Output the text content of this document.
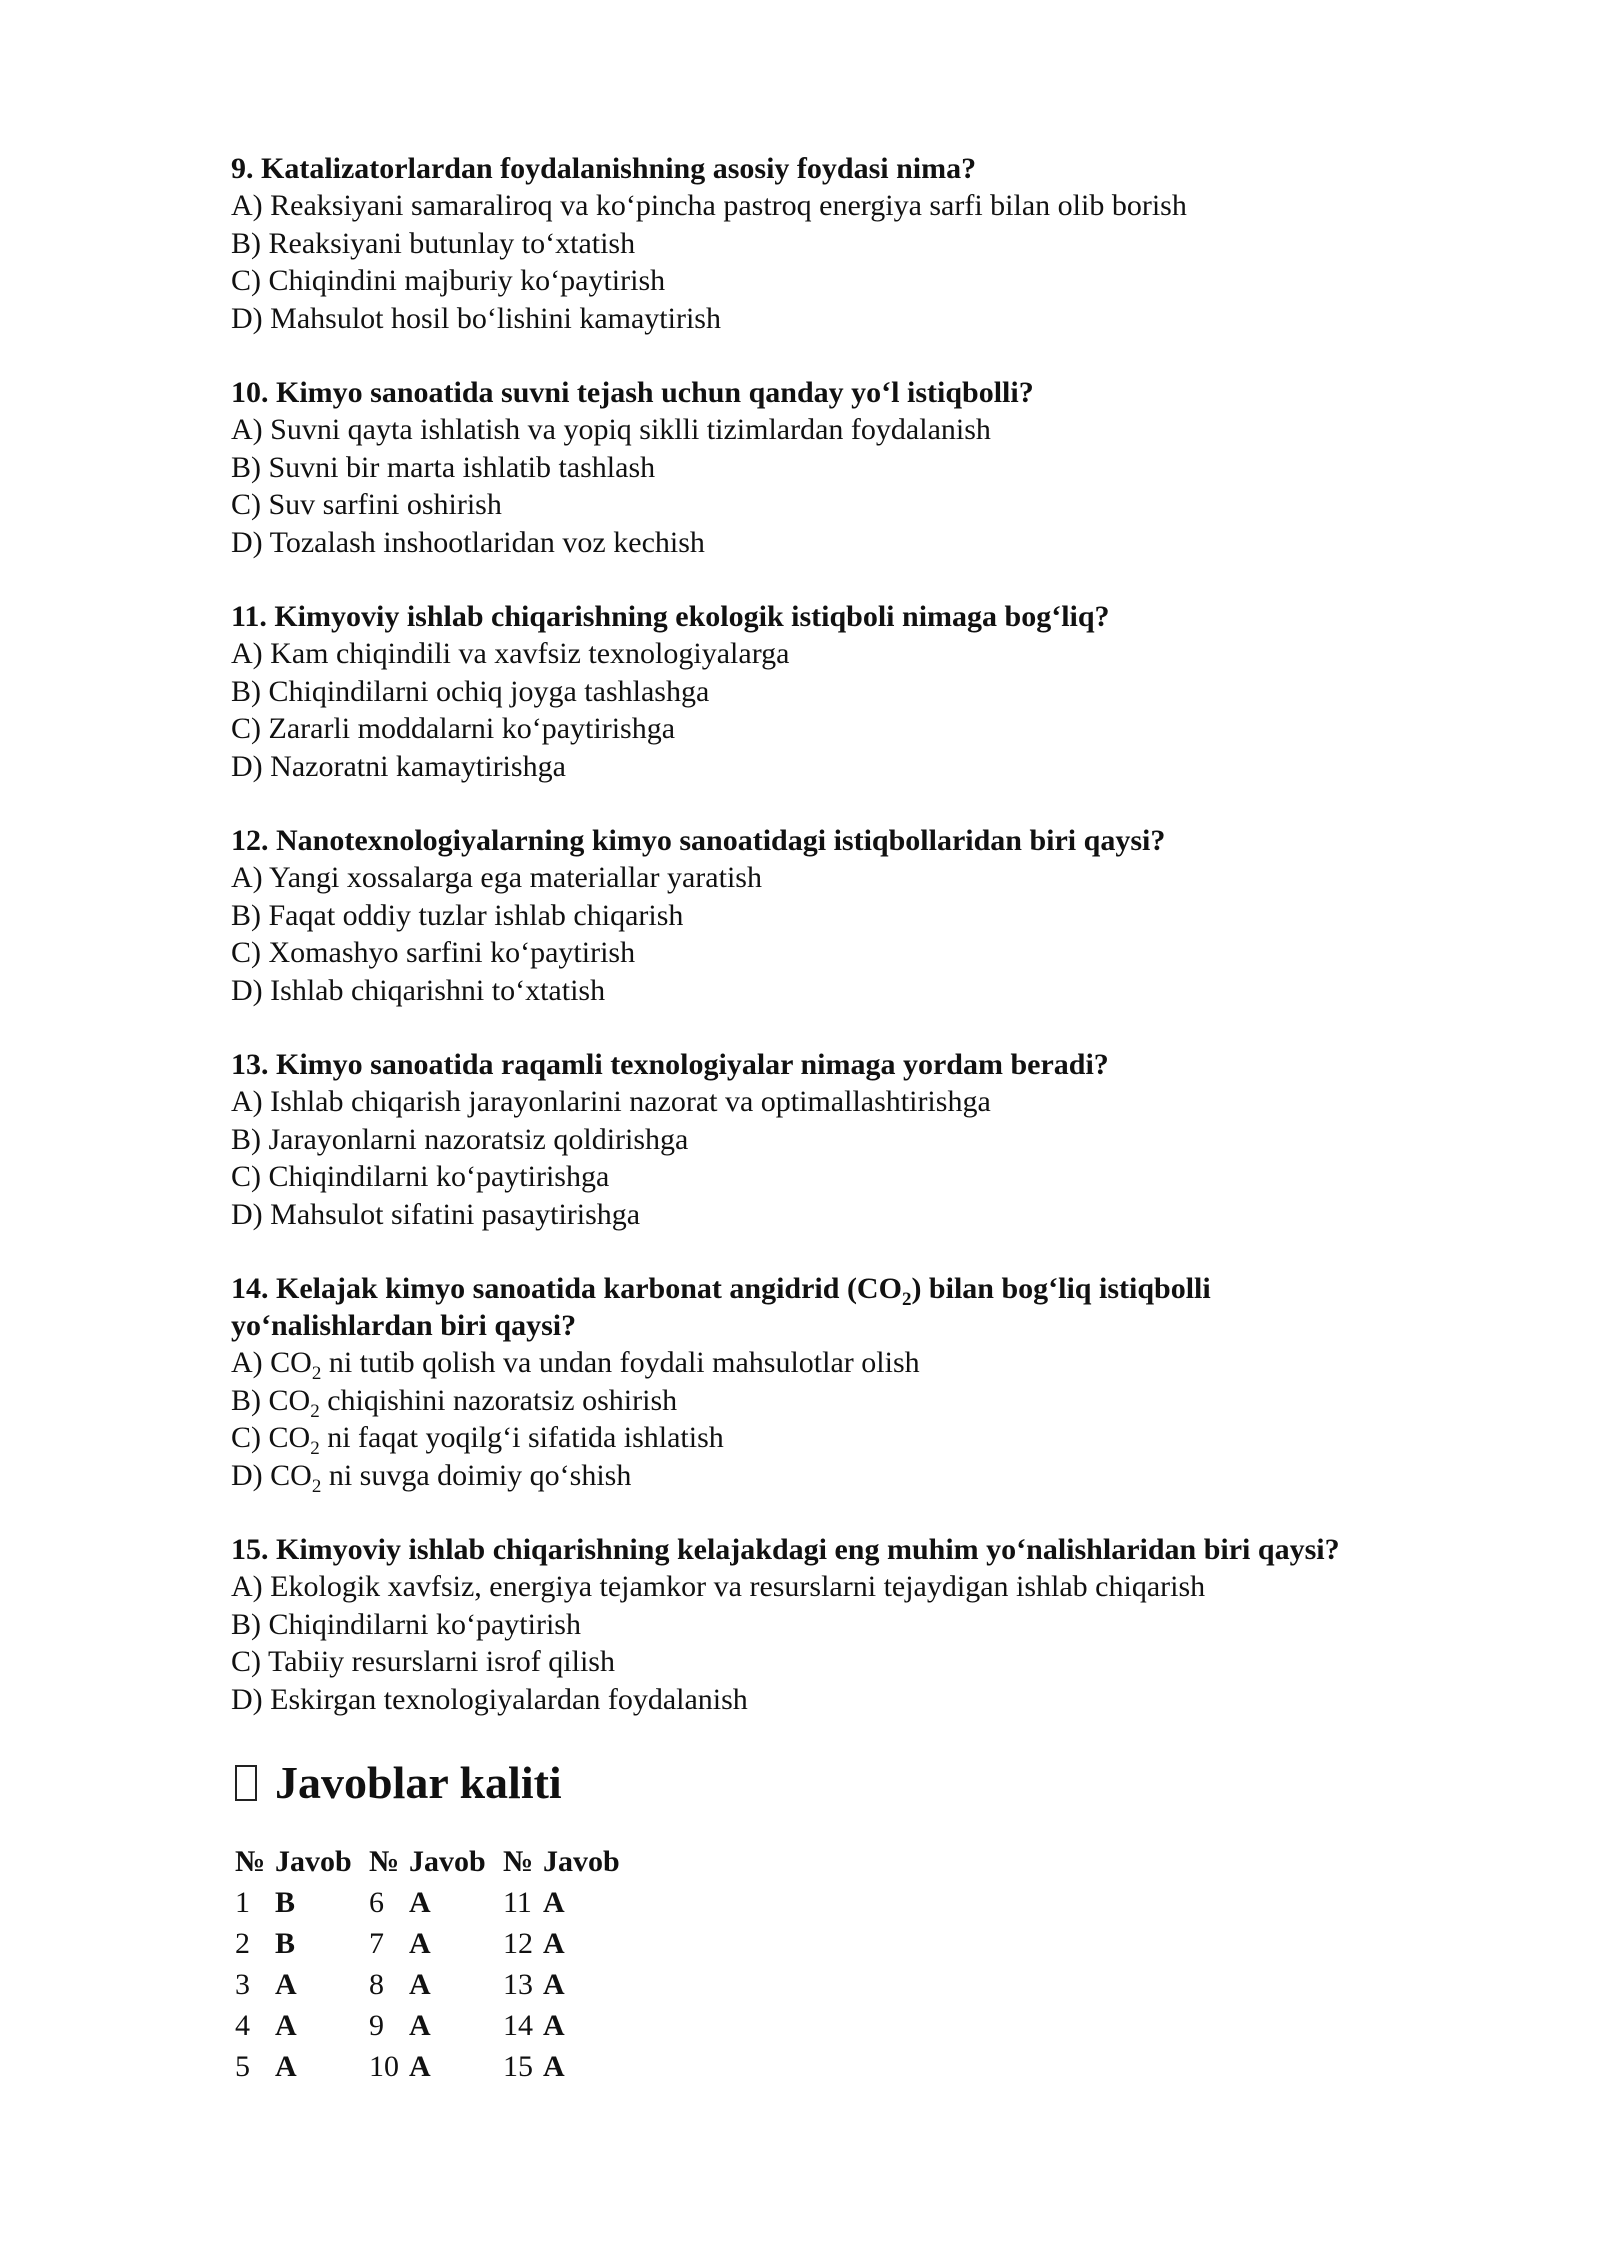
9. Katalizatorlardan foydalanishning asosiy foydasi nima?
A) Reaksiyani samaraliroq va ko‘pincha pastroq energiya sarfi bilan olib borish
B) Reaksiyani butunlay to‘xtatish
C) Chiqindini majburiy ko‘paytirish
D) Mahsulot hosil bo‘lishini kamaytirish
10. Kimyo sanoatida suvni tejash uchun qanday yo‘l istiqbolli?
A) Suvni qayta ishlatish va yopiq siklli tizimlardan foydalanish
B) Suvni bir marta ishlatib tashlash
C) Suv sarfini oshirish
D) Tozalash inshootlaridan voz kechish
11. Kimyoviy ishlab chiqarishning ekologik istiqboli nimaga bog‘liq?
A) Kam chiqindili va xavfsiz texnologiyalarga
B) Chiqindilarni ochiq joyga tashlashga
C) Zararli moddalarni ko‘paytirishga
D) Nazoratni kamaytirishga
12. Nanotexnologiyalarning kimyo sanoatidagi istiqbollaridan biri qaysi?
A) Yangi xossalarga ega materiallar yaratish
B) Faqat oddiy tuzlar ishlab chiqarish
C) Xomashyo sarfini ko‘paytirish
D) Ishlab chiqarishni to‘xtatish
13. Kimyo sanoatida raqamli texnologiyalar nimaga yordam beradi?
A) Ishlab chiqarish jarayonlarini nazorat va optimallashtirishga
B) Jarayonlarni nazoratsiz qoldirishga
C) Chiqindilarni ko‘paytirishga
D) Mahsulot sifatini pasaytirishga
14. Kelajak kimyo sanoatida karbonat angidrid $(CO_2)$ bilan bog‘liq istiqbolli
yo‘nalishlardan biri qaysi?
A) $CO_2$ ni tutib qolish va undan foydali mahsulotlar olish
B) $CO_2$ chiqishini nazoratsiz oshirish
C) $CO_2$ ni faqat yoqilg‘i sifatida ishlatish
D) $CO_2$ ni suvga doimiy qo‘shish
15. Kimyoviy ishlab chiqarishning kelajakdagi eng muhim yo‘nalishlaridan biri qaysi?
A) Ekologik xavfsiz, energiya tejamkor va resurslarni tejaydigan ishlab chiqarish
B) Chiqindilarni ko‘paytirish
C) Tabiiy resurslarni isrof qilish
D) Eskirgan texnologiyalardan foydalanish
Javoblar kaliti
№	Javob	№	Javob	№	Javob
1	B	6	A	11	A
2	B	7	A	12	A
3	A	8	A	13	A
4	A	9	A	14	A
5	A	10	A	15	A
